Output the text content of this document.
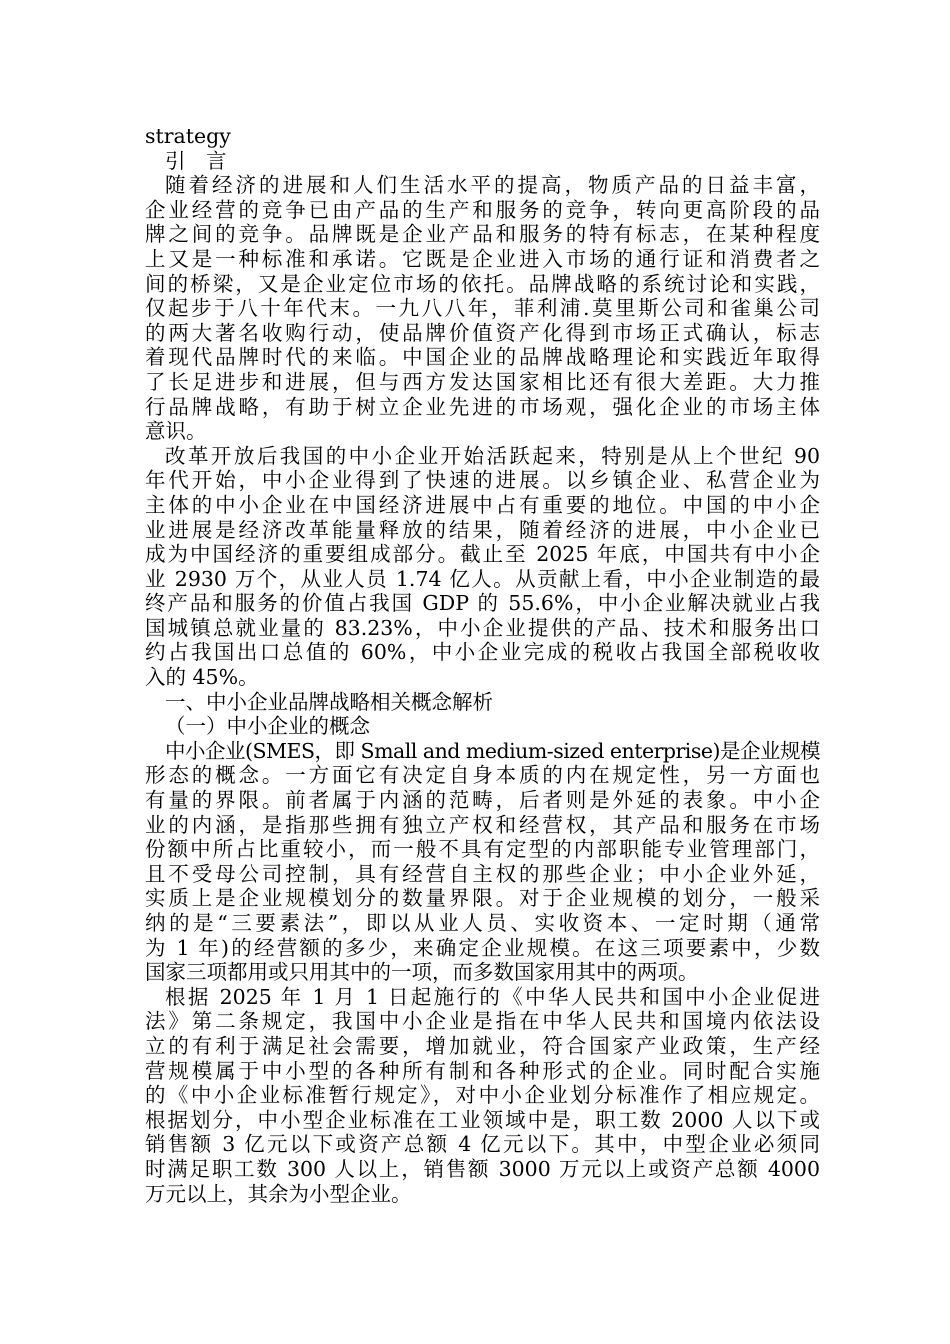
strategy
引　言
随着经济的进展和人们生活水平的提高，物质产品的日益丰富，
企业经营的竞争已由产品的生产和服务的竞争，转向更高阶段的品
牌之间的竞争。品牌既是企业产品和服务的特有标志，在某种程度
上又是一种标准和承诺。它既是企业进入市场的通行证和消费者之
间的桥梁，又是企业定位市场的依托。品牌战略的系统讨论和实践，
仅起步于八十年代末。一九八八年，菲利浦.莫里斯公司和雀巢公司
的两大著名收购行动，使品牌价值资产化得到市场正式确认，标志
着现代品牌时代的来临。中国企业的品牌战略理论和实践近年取得
了长足进步和进展，但与西方发达国家相比还有很大差距。大力推
行品牌战略，有助于树立企业先进的市场观，强化企业的市场主体
意识。
改革开放后我国的中小企业开始活跃起来，特别是从上个世纪 90
年代开始，中小企业得到了快速的进展。以乡镇企业、私营企业为
主体的中小企业在中国经济进展中占有重要的地位。中国的中小企
业进展是经济改革能量释放的结果，随着经济的进展，中小企业已
成为中国经济的重要组成部分。截止至 2025 年底，中国共有中小企
业 2930 万个，从业人员 1.74 亿人。从贡献上看，中小企业制造的最
终产品和服务的价值占我国 GDP 的 55.6%，中小企业解决就业占我
国城镇总就业量的 83.23%，中小企业提供的产品、技术和服务出口
约占我国出口总值的 60%，中小企业完成的税收占我国全部税收收
入的 45%。
一、中小企业品牌战略相关概念解析
（一）中小企业的概念
中小企业(SMES，即 Small and medium-sized enterprise)是企业规模
形态的概念。一方面它有决定自身本质的内在规定性，另一方面也
有量的界限。前者属于内涵的范畴，后者则是外延的表象。中小企
业的内涵，是指那些拥有独立产权和经营权，其产品和服务在市场
份额中所占比重较小，而一般不具有定型的内部职能专业管理部门，
且不受母公司控制，具有经营自主权的那些企业；中小企业外延，
实质上是企业规模划分的数量界限。对于企业规模的划分，一般采
纳的是“三要素法”，即以从业人员、实收资本、一定时期（通常
为 1 年)的经营额的多少，来确定企业规模。在这三项要素中，少数
国家三项都用或只用其中的一项，而多数国家用其中的两项。
根据 2025 年 1 月 1 日起施行的《中华人民共和国中小企业促进
法》第二条规定，我国中小企业是指在中华人民共和国境内依法设
立的有利于满足社会需要，增加就业，符合国家产业政策，生产经
营规模属于中小型的各种所有制和各种形式的企业。同时配合实施
的《中小企业标准暂行规定》，对中小企业划分标准作了相应规定。
根据划分，中小型企业标准在工业领域中是，职工数 2000 人以下或
销售额 3 亿元以下或资产总额 4 亿元以下。其中，中型企业必须同
时满足职工数 300 人以上，销售额 3000 万元以上或资产总额 4000
万元以上，其余为小型企业。
